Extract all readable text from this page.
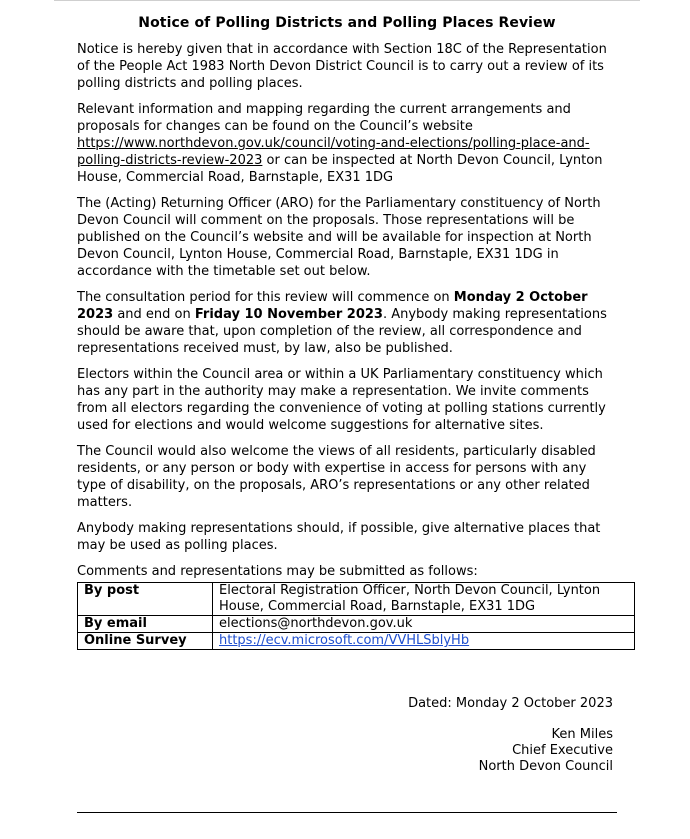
Notice of Polling Districts and Polling Places Review

Notice is hereby given that in accordance with Section 18C of the Representation of the People Act 1983 North Devon District Council is to carry out a review of its polling districts and polling places.

Relevant information and mapping regarding the current arrangements and proposals for changes can be found on the Council’s website https://www.northdevon.gov.uk/council/voting-and-elections/polling-place-and-polling-districts-review-2023 or can be inspected at North Devon Council, Lynton House, Commercial Road, Barnstaple, EX31 1DG

The (Acting) Returning Officer (ARO) for the Parliamentary constituency of North Devon Council will comment on the proposals. Those representations will be published on the Council’s website and will be available for inspection at North Devon Council, Lynton House, Commercial Road, Barnstaple, EX31 1DG in accordance with the timetable set out below.

The consultation period for this review will commence on Monday 2 October 2023 and end on Friday 10 November 2023. Anybody making representations should be aware that, upon completion of the review, all correspondence and representations received must, by law, also be published.

Electors within the Council area or within a UK Parliamentary constituency which has any part in the authority may make a representation. We invite comments from all electors regarding the convenience of voting at polling stations currently used for elections and would welcome suggestions for alternative sites.

The Council would also welcome the views of all residents, particularly disabled residents, or any person or body with expertise in access for persons with any type of disability, on the proposals, ARO’s representations or any other related matters.

Anybody making representations should, if possible, give alternative places that may be used as polling places.

Comments and representations may be submitted as follows:

By post	Electoral Registration Officer, North Devon Council, Lynton House, Commercial Road, Barnstaple, EX31 1DG
By email	elections@northdevon.gov.uk
Online Survey	https://ecv.microsoft.com/VVHLSblyHb
Dated: Monday 2 October 2023
Ken Miles
Chief Executive
North Devon Council
